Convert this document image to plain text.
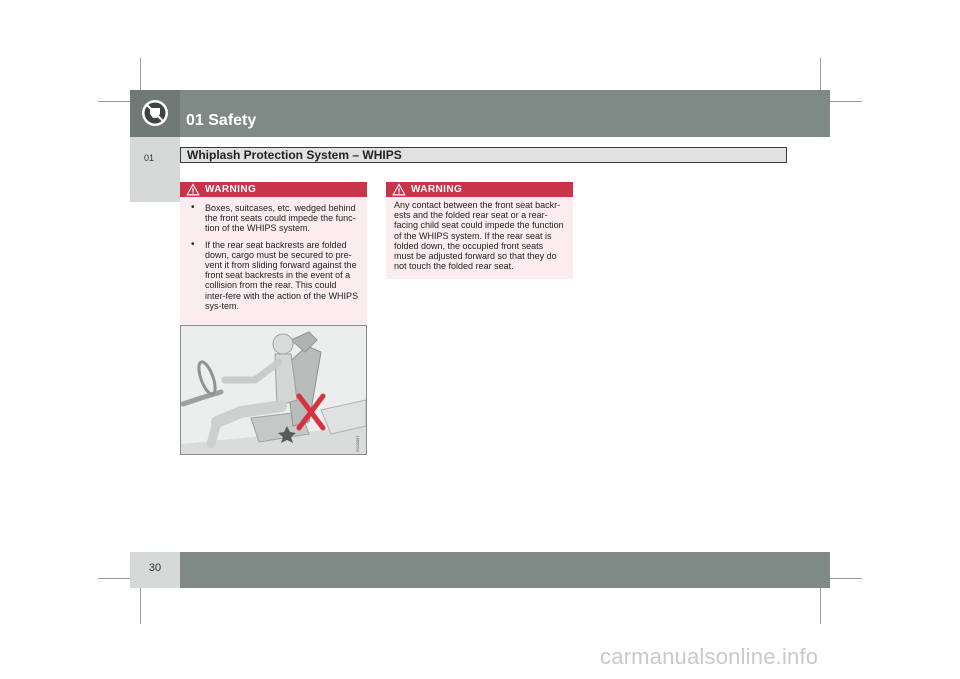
01 Safety
01	Whiplash Protection System – WHIPS
WARNING
• Boxes, suitcases, etc. wedged behind the front seats could impede the func-tion of the WHIPS system.
• If the rear seat backrests are folded down, cargo must be secured to pre-vent it from sliding forward against the front seat backrests in the event of a collision from the rear. This could inter-fere with the action of the WHIPS sys-tem.
WARNING
Any contact between the front seat backr-ests and the folded rear seat or a rear-facing child seat could impede the function of the WHIPS system. If the rear seat is folded down, the occupied front seats must be adjusted forward so that they do not touch the folded rear seat.
G026097
30
carmanualsonline.info
